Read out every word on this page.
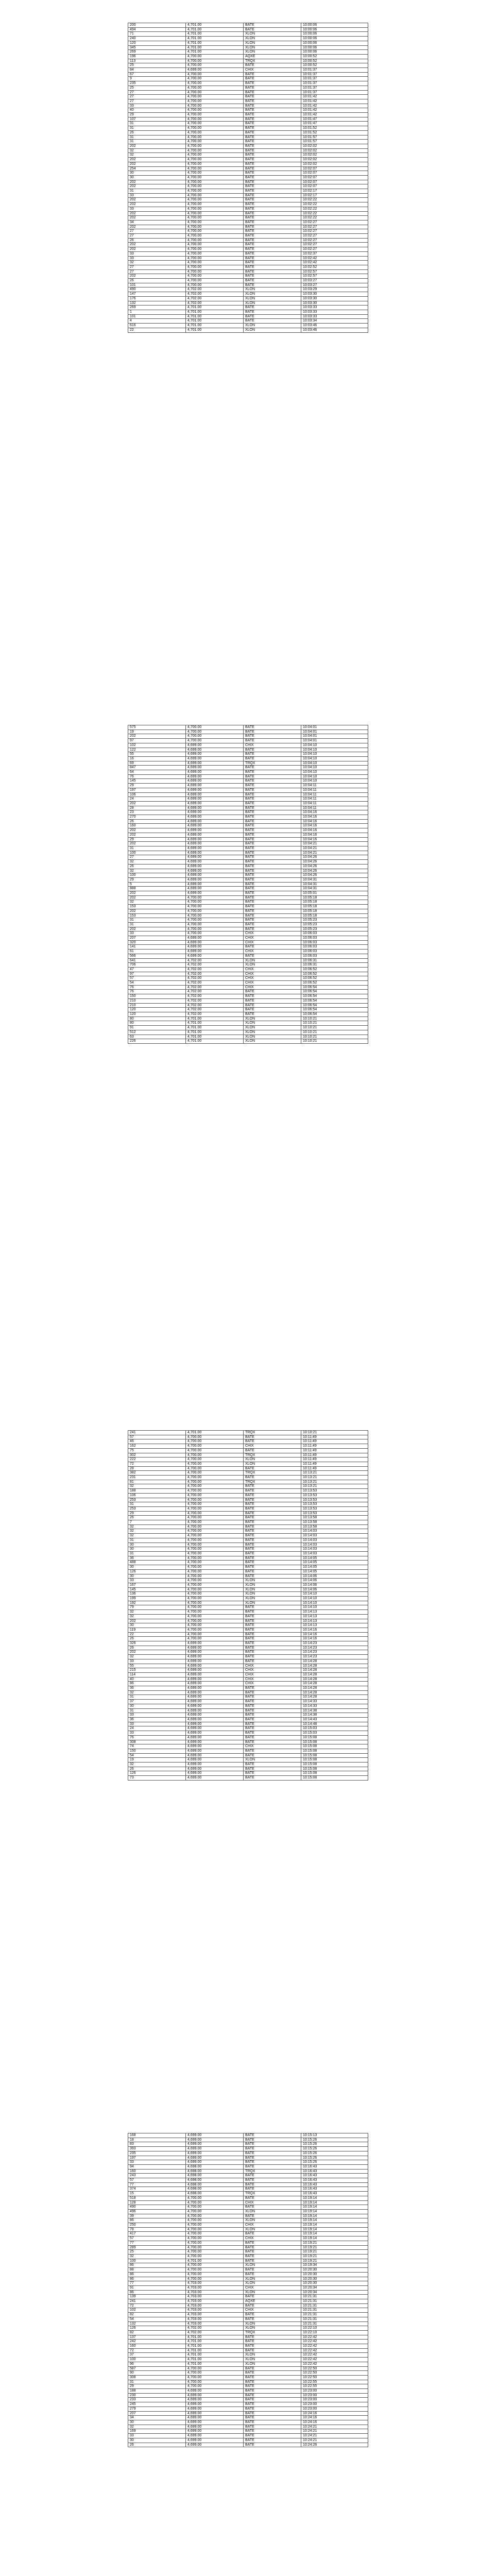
200	4,701.00	BATE	10:00:06
494	4,701.00	BATE	10:00:06
71	4,701.00	XLON	10:00:06
240	4,701.00	XLON	10:00:06
120	4,701.00	XLON	10:00:06
345	4,701.00	XLON	10:00:06
269	4,701.00	XLON	10:00:06
196	4,700.00	AQXE	10:00:52
113	4,700.00	TRQX	10:00:52
25	4,700.00	BATE	10:00:52
84	4,699.00	CHIX	10:01:37
67	4,700.00	BATE	10:01:37
9	4,700.00	BATE	10:01:37
235	4,700.00	BATE	10:01:37
25	4,700.00	BATE	10:01:37
27	4,700.00	BATE	10:01:37
27	4,700.00	BATE	10:01:42
27	4,700.00	BATE	10:01:42
33	4,700.00	BATE	10:01:42
40	4,700.00	BATE	10:01:42
29	4,700.00	BATE	10:01:42
107	4,700.00	BATE	10:01:47
31	4,700.00	BATE	10:01:47
31	4,700.00	BATE	10:01:52
26	4,700.00	BATE	10:01:52
31	4,700.00	BATE	10:01:57
31	4,700.00	BATE	10:01:57
202	4,700.00	BATE	10:02:02
32	4,700.00	BATE	10:02:02
32	4,700.00	BATE	10:02:02
202	4,700.00	BATE	10:02:02
202	4,700.00	BATE	10:02:02
254	4,700.00	BATE	10:02:07
30	4,700.00	BATE	10:02:07
30	4,700.00	BATE	10:02:07
202	4,700.00	BATE	10:02:07
202	4,700.00	BATE	10:02:07
31	4,700.00	BATE	10:02:17
33	4,700.00	BATE	10:02:17
202	4,700.00	BATE	10:02:22
202	4,700.00	BATE	10:02:22
33	4,700.00	BATE	10:02:22
202	4,700.00	BATE	10:02:22
202	4,700.00	BATE	10:02:22
34	4,700.00	BATE	10:02:27
202	4,700.00	BATE	10:02:27
27	4,700.00	BATE	10:02:27
27	4,700.00	BATE	10:02:27
26	4,700.00	BATE	10:02:27
202	4,700.00	BATE	10:02:27
202	4,700.00	BATE	10:02:27
33	4,700.00	BATE	10:02:37
33	4,700.00	BATE	10:02:42
32	4,700.00	BATE	10:02:42
27	4,700.00	BATE	10:02:52
27	4,700.00	BATE	10:02:57
202	4,700.00	BATE	10:02:57
26	4,700.00	BATE	10:03:27
101	4,700.00	BATE	10:03:27
490	4,702.00	XLON	10:03:29
147	4,702.00	XLON	10:03:30
176	4,702.00	XLON	10:03:30
132	4,702.00	XLON	10:03:30
269	4,701.00	BATE	10:03:33
1	4,701.00	BATE	10:03:33
101	4,701.00	BATE	10:03:33
4	4,701.00	BATE	10:03:34
616	4,701.00	XLON	10:03:46
22	4,701.00	XLON	10:03:46
575	4,700.00	BATE	10:04:01
19	4,700.00	BATE	10:04:01
202	4,700.00	BATE	10:04:01
97	4,700.00	BATE	10:04:01
102	4,699.00	CHIX	10:04:10
122	4,699.00	BATE	10:04:10
55	4,699.00	BATE	10:04:10
16	4,699.00	BATE	10:04:10
69	4,699.00	TRQX	10:04:10
847	4,699.00	BATE	10:04:10
64	4,699.00	BATE	10:04:10
76	4,699.00	BATE	10:04:10
145	4,699.00	BATE	10:04:10
29	4,699.00	BATE	10:04:11
197	4,699.00	BATE	10:04:11
106	4,699.00	BATE	10:04:11
24	4,699.00	BATE	10:04:11
202	4,699.00	BATE	10:04:11
28	4,699.00	BATE	10:04:11
23	4,699.00	BATE	10:04:16
270	4,699.00	BATE	10:04:16
26	4,699.00	BATE	10:04:16
160	4,699.00	BATE	10:04:16
202	4,699.00	BATE	10:04:16
202	4,699.00	BATE	10:04:16
29	4,699.00	BATE	10:04:16
202	4,699.00	BATE	10:04:21
31	4,699.00	BATE	10:04:21
100	4,699.00	BATE	10:04:21
27	4,699.00	BATE	10:04:26
32	4,699.00	BATE	10:04:26
26	4,699.00	BATE	10:04:26
32	4,699.00	BATE	10:04:26
100	4,699.00	BATE	10:04:26
29	4,699.00	BATE	10:04:31
5	4,699.00	BATE	10:04:31
888	4,699.00	BATE	10:04:31
202	4,699.00	BATE	10:05:01
202	4,700.00	BATE	10:05:18
32	4,700.00	BATE	10:05:18
153	4,700.00	BATE	10:05:18
202	4,700.00	BATE	10:05:18
153	4,700.00	BATE	10:05:18
31	4,700.00	BATE	10:05:23
31	4,700.00	BATE	10:05:23
202	4,700.00	BATE	10:05:23
33	4,700.00	CHIX	10:06:03
207	4,699.00	CHIX	10:06:03
320	4,699.00	CHIX	10:06:03
141	4,699.00	BATE	10:06:03
61	4,699.00	CHIX	10:06:03
566	4,699.00	BATE	10:06:03
641	4,702.00	XLON	10:06:31
706	4,702.00	XLON	10:06:31
47	4,702.00	CHIX	10:06:52
97	4,702.00	CHIX	10:06:52
57	4,702.00	CHIX	10:06:52
54	4,702.00	CHIX	10:06:52
76	4,702.00	CHIX	10:06:54
76	4,702.00	BATE	10:06:54
150	4,702.00	BATE	10:06:54
210	4,702.00	BATE	10:06:54
210	4,702.00	BATE	10:06:54
120	4,702.00	BATE	10:06:54
120	4,702.00	BATE	10:06:54
80	4,701.00	XLON	10:10:21
80	4,701.00	XLON	10:10:21
91	4,701.00	XLON	10:10:21
512	4,701.00	XLON	10:10:21
63	4,701.00	XLON	10:10:21
226	4,701.00	XLON	10:10:21
241	4,701.00	TRQX	10:10:21
57	4,700.00	BATE	10:11:49
46	4,700.00	BATE	10:11:49
162	4,700.00	CHIX	10:11:49
75	4,700.00	BATE	10:11:49
302	4,700.00	TRQX	10:11:49
222	4,700.00	XLON	10:11:49
72	4,700.00	XLON	10:11:49
28	4,700.00	BATE	10:11:49
382	4,700.00	TRQX	10:13:21
231	4,700.00	BATE	10:13:21
81	4,700.00	TRQX	10:13:21
32	4,700.00	BATE	10:13:21
188	4,700.00	BATE	10:13:53
106	4,700.00	BATE	10:13:53
253	4,700.00	BATE	10:13:53
31	4,700.00	BATE	10:13:53
253	4,700.00	BATE	10:13:53
29	4,700.00	BATE	10:13:53
26	4,700.00	BATE	10:13:58
7	4,700.00	BATE	10:13:58
32	4,700.00	BATE	10:13:58
32	4,700.00	BATE	10:14:03
32	4,700.00	BATE	10:14:03
31	4,700.00	BATE	10:14:03
30	4,700.00	BATE	10:14:03
30	4,700.00	BATE	10:14:03
31	4,700.00	BATE	10:14:03
36	4,700.00	BATE	10:14:05
488	4,700.00	BATE	10:14:05
30	4,700.00	BATE	10:14:05
126	4,700.00	BATE	10:14:05
30	4,700.00	BATE	10:14:06
33	4,700.00	XLON	10:14:06
167	4,700.00	XLON	10:14:06
145	4,700.00	XLON	10:14:06
136	4,700.00	XLON	10:14:10
199	4,700.00	XLON	10:14:10
192	4,700.00	XLON	10:14:10
79	4,700.00	BATE	10:14:10
32	4,700.00	BATE	10:14:13
32	4,700.00	BATE	10:14:13
202	4,700.00	BATE	10:14:13
30	4,700.00	BATE	10:14:13
119	4,700.00	BATE	10:14:16
22	4,700.00	BATE	10:14:16
26	4,700.00	BATE	10:14:16
326	4,699.00	BATE	10:14:23
26	4,699.00	BATE	10:14:23
202	4,699.00	BATE	10:14:23
32	4,699.00	BATE	10:14:23
33	4,699.00	BATE	10:14:28
55	4,699.00	CHIX	10:14:28
215	4,699.00	CHIX	10:14:28
114	4,699.00	CHIX	10:14:28
40	4,699.00	CHIX	10:14:28
86	4,699.00	CHIX	10:14:28
36	4,699.00	BATE	10:14:28
32	4,699.00	BATE	10:14:28
31	4,699.00	BATE	10:14:28
37	4,699.00	BATE	10:14:33
30	4,699.00	BATE	10:14:33
31	4,699.00	BATE	10:14:38
33	4,699.00	BATE	10:14:38
36	4,699.00	BATE	10:14:43
33	4,699.00	BATE	10:14:48
24	4,699.00	BATE	10:15:03
33	4,699.00	BATE	10:15:03
76	4,699.00	BATE	10:15:08
308	4,699.00	BATE	10:15:08
74	4,699.00	CHIX	10:15:08
150	4,699.00	BATE	10:15:08
54	4,699.00	BATE	10:15:08
19	4,699.00	XLON	10:15:08
32	4,699.00	BATE	10:15:08
26	4,699.00	BATE	10:15:08
126	4,699.00	BATE	10:15:08
73	4,699.00	BATE	10:15:08
168	4,699.00	BATE	10:15:13
18	4,699.00	BATE	10:15:26
83	4,699.00	BATE	10:15:26
393	4,699.00	BATE	10:15:26
235	4,699.00	BATE	10:15:26
197	4,699.00	BATE	10:15:26
33	4,699.00	BATE	10:15:26
94	4,698.00	BATE	10:16:43
160	4,698.00	TRQX	10:16:43
243	4,698.00	BATE	10:16:43
57	4,698.00	BATE	10:16:43
77	4,698.00	BATE	10:16:43
374	4,698.00	BATE	10:16:43
15	4,698.00	TRQX	10:16:43
518	4,700.00	BATE	10:19:14
128	4,700.00	CHIX	10:19:14
490	4,700.00	BATE	10:19:14
496	4,700.00	XLON	10:19:14
39	4,700.00	BATE	10:19:14
86	4,700.00	XLON	10:19:14
250	4,700.00	CHIX	10:19:14
78	4,700.00	XLON	10:19:14
417	4,700.00	BATE	10:19:14
57	4,700.00	CHIX	10:19:14
77	4,700.00	BATE	10:19:21
289	4,700.00	BATE	10:19:21
25	4,700.00	BATE	10:19:21
32	4,700.00	BATE	10:19:21
100	4,701.00	BATE	10:19:21
86	4,700.00	XLON	10:19:34
88	4,700.00	BATE	10:20:30
86	4,700.00	BATE	10:20:30
86	4,700.00	XLON	10:20:30
77	4,703.00	XLON	10:20:30
91	4,703.00	CHIX	10:20:34
86	4,703.00	XLON	10:20:34
139	4,703.00	BATE	10:21:31
241	4,703.00	AQXE	10:21:31
72	4,703.00	BATE	10:21:31
102	4,703.00	CHIX	10:21:31
82	4,703.00	BATE	10:21:31
54	4,703.00	BATE	10:21:31
132	4,703.00	XLON	10:21:31
126	4,702.00	XLON	10:22:10
82	4,702.00	TRQX	10:22:10
137	4,701.00	BATE	10:22:42
242	4,701.00	BATE	10:22:42
160	4,701.00	BATE	10:22:42
72	4,701.00	BATE	10:22:42
37	4,701.00	XLON	10:22:42
100	4,701.00	XLON	10:22:42
96	4,701.00	XLON	10:22:42
587	4,700.00	BATE	10:22:50
90	4,700.00	BATE	10:22:50
308	4,700.00	BATE	10:22:50
31	4,700.00	BATE	10:22:55
29	4,700.00	BATE	10:22:55
188	4,699.00	BATE	10:23:00
230	4,699.00	BATE	10:23:00
233	4,699.00	BATE	10:23:00
245	4,699.00	BATE	10:23:00
279	4,699.00	BATE	10:23:00
207	4,699.00	BATE	10:24:16
34	4,699.00	BATE	10:24:16
30	4,699.00	BATE	10:24:16
32	4,699.00	BATE	10:24:21
169	4,699.00	BATE	10:24:21
33	4,699.00	BATE	10:24:21
30	4,699.00	BATE	10:24:21
26	4,699.00	BATE	10:24:26
